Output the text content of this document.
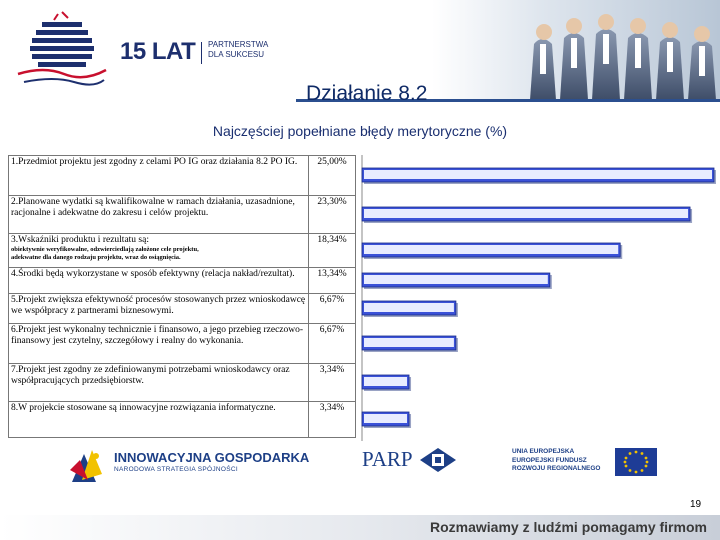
15 LAT PARTNERSTWA
DLA SUKCESU
Działanie 8.2
Najczęściej popełniane błędy merytoryczne (%)
1.Przedmiot projektu jest zgodny z celami PO IG oraz działania 8.2 PO IG.	25,00%
2.Planowane wydatki są kwalifikowalne w ramach działania, uzasadnione, racjonalne i adekwatne do zakresu i celów projektu.	23,30%
3.Wskaźniki produktu i rezultatu są:
obiektywnie weryfikowalne, odzwierciedlają założone cele projektu,
adekwatne dla danego rodzaju projektu, wraz do osiągnięcia.	18,34%
4.Środki będą wykorzystane w sposób efektywny (relacja nakład/rezultat).	13,34%
5.Projekt zwiększa efektywność procesów stosowanych przez wnioskodawcę we współpracy z partnerami biznesowymi.	6,67%
6.Projekt jest wykonalny technicznie i finansowo, a jego przebieg rzeczowo-finansowy jest czytelny, szczegółowy i realny do wykonania.	6,67%
7.Projekt jest zgodny ze zdefiniowanymi potrzebami wnioskodawcy oraz współpracujących przedsiębiorstw.	3,34%
8.W projekcie stosowane są innowacyjne rozwiązania informatyczne.	3,34%
INNOWACYJNA GOSPODARKA
NARODOWA STRATEGIA SPÓJNOŚCI	PARP	UNIA EUROPEJSKA
EUROPEJSKI FUNDUSZ
ROZWOJU REGIONALNEGO
19
Rozmawiamy z ludźmi pomagamy firmom
